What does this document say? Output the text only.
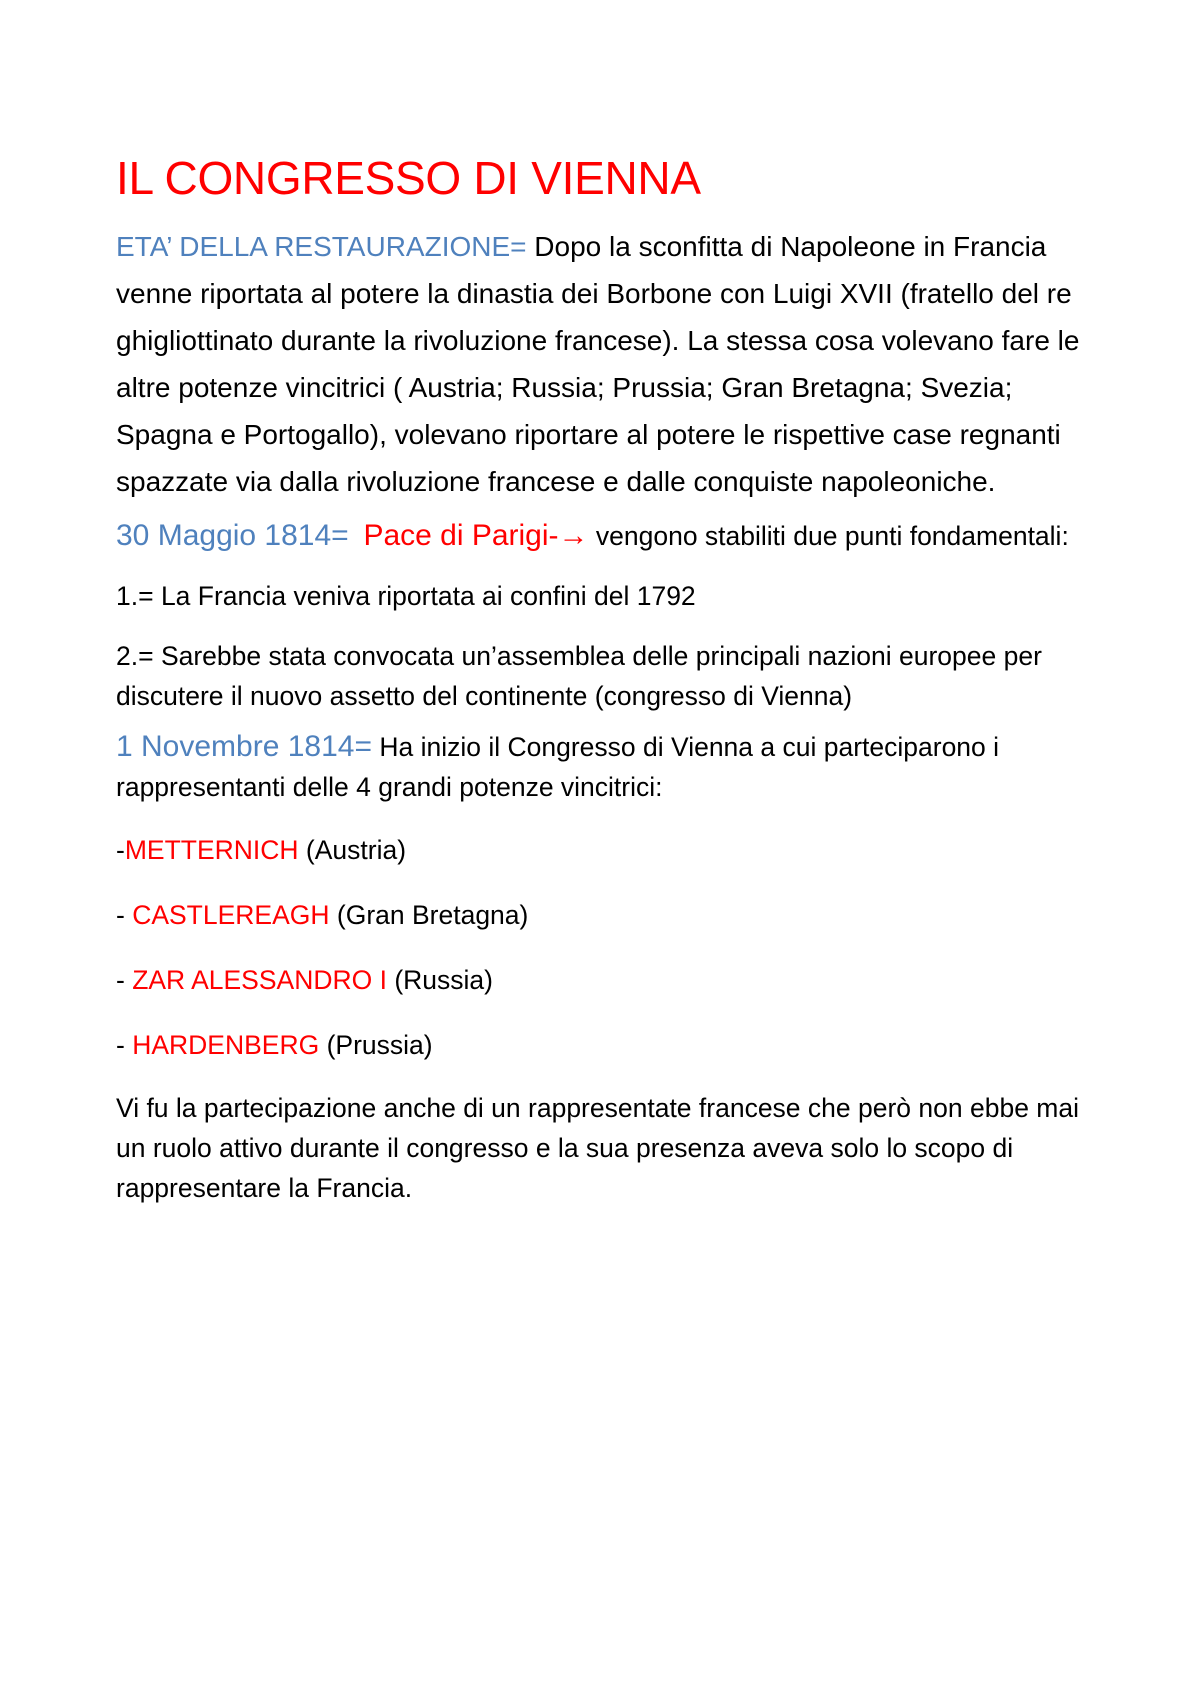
IL CONGRESSO DI VIENNA

ETA’ DELLA RESTAURAZIONE= Dopo la sconfitta di Napoleone in Francia venne riportata al potere la dinastia dei Borbone con Luigi XVII (fratello del re ghigliottinato durante la rivoluzione francese). La stessa cosa volevano fare le altre potenze vincitrici ( Austria; Russia; Prussia; Gran Bretagna; Svezia; Spagna e Portogallo), volevano riportare al potere le rispettive case regnanti spazzate via dalla rivoluzione francese e dalle conquiste napoleoniche.

30 Maggio 1814= Pace di Parigi-→ vengono stabiliti due punti fondamentali:

1.= La Francia veniva riportata ai confini del 1792

2.= Sarebbe stata convocata un’assemblea delle principali nazioni europee per discutere il nuovo assetto del continente (congresso di Vienna)

1 Novembre 1814= Ha inizio il Congresso di Vienna a cui parteciparono i rappresentanti delle 4 grandi potenze vincitrici:

-METTERNICH (Austria)

- CASTLEREAGH (Gran Bretagna)

- ZAR ALESSANDRO I (Russia)

- HARDENBERG (Prussia)

Vi fu la partecipazione anche di un rappresentate francese che però non ebbe mai un ruolo attivo durante il congresso e la sua presenza aveva solo lo scopo di rappresentare la Francia.
